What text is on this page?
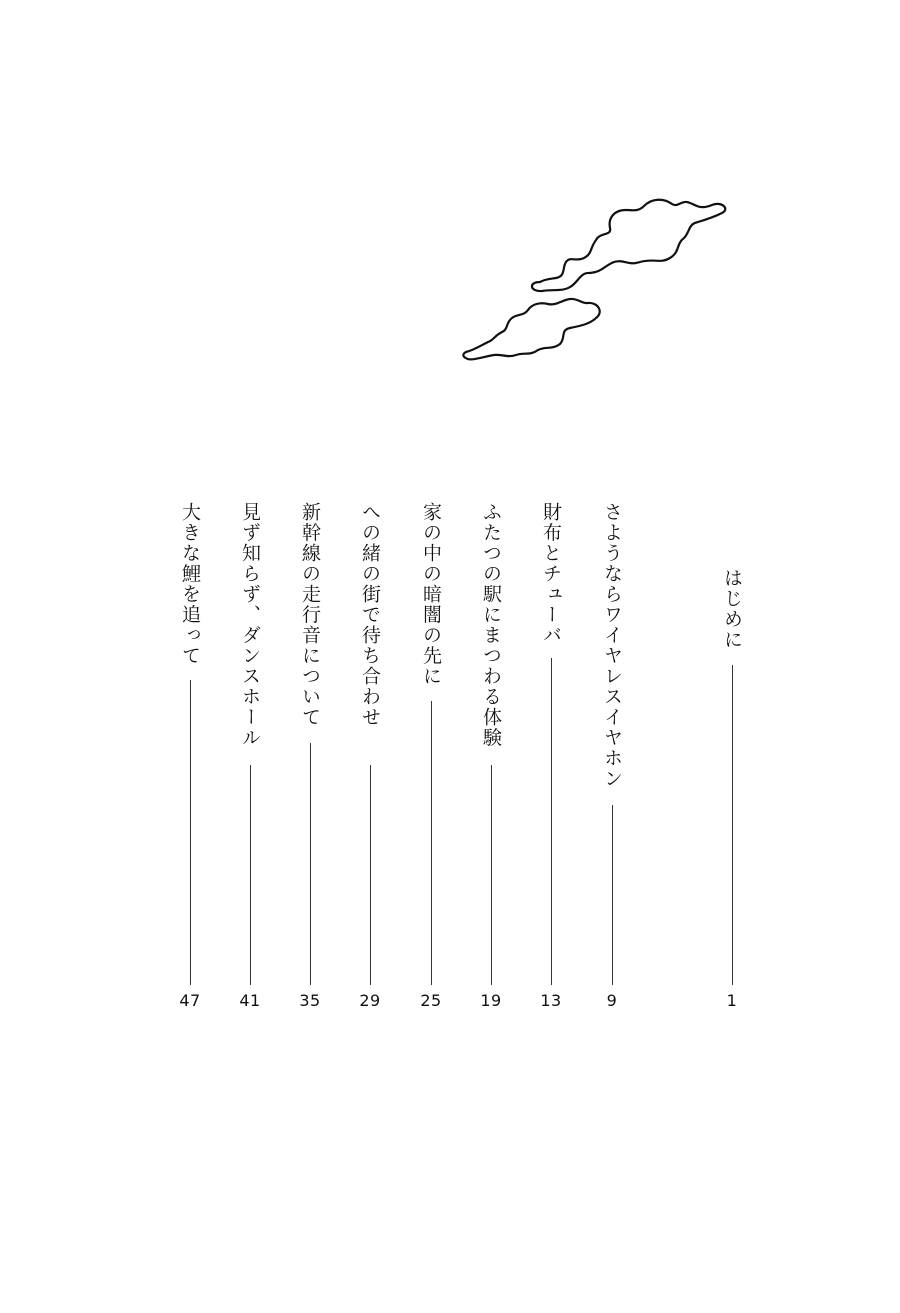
はじめに
1
さようならワイヤレスイヤホン
9
財布とチューバ
13
ふたつの駅にまつわる体験
19
家の中の暗闇の先に
25
への緒の街で待ち合わせ
29
新幹線の走行音について
35
見ず知らず、ダンスホール
41
大きな鯉を追って
47
